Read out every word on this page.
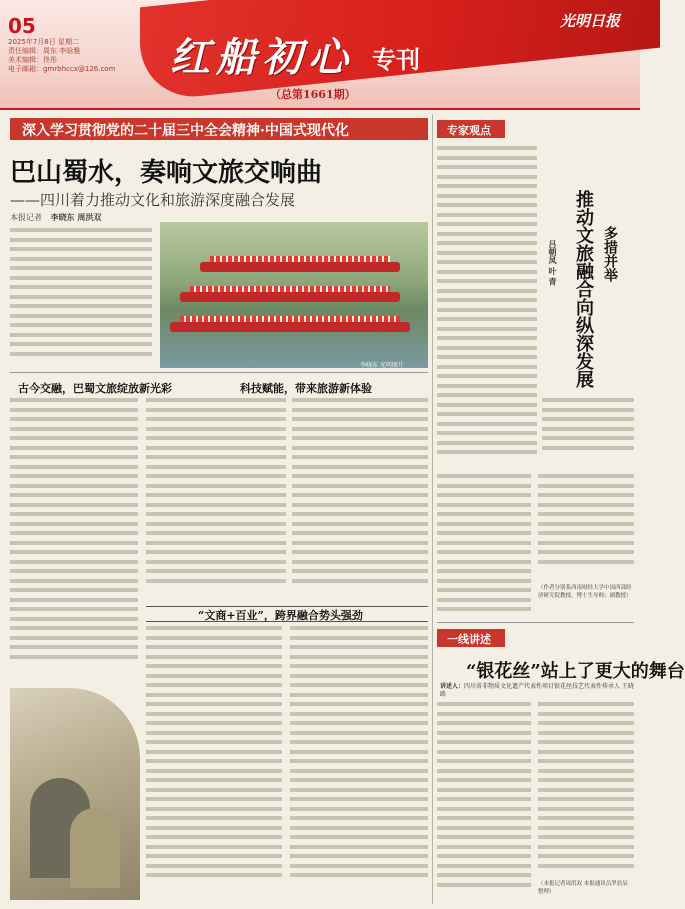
05
2025年7月8日 星期二
责任编辑：周东 李晗雅
美术编辑：佟彤
电子邮箱：gmrbhccx@126.com 红船初心 专刊
光明日报
（总第1661期）
深入学习贯彻党的二十届三中全会精神·中国式现代化
巴山蜀水，奏响文旅交响曲
——四川着力推动文化和旅游深度融合发展
本报记者 李晓东 周洪双
李晓东 光明图片
古今交融，巴蜀文旅绽放新光彩	科技赋能，带来旅游新体验
“文商+百业”，跨界融合势头强劲
专家观点
推动文旅融合向纵深发展 多措并举
吕朝凤 叶 青
（作者分别系西南财经大学中国西部经济研究院教授，博士生导师；副教授）
一线讲述
“银花丝”站上了更大的舞台
讲述人：四川省非物质文化遗产代表性项目银花丝技艺代表性传承人 王晓路
（本报记者周洪双 本报通讯员罗晨辰 整理）
